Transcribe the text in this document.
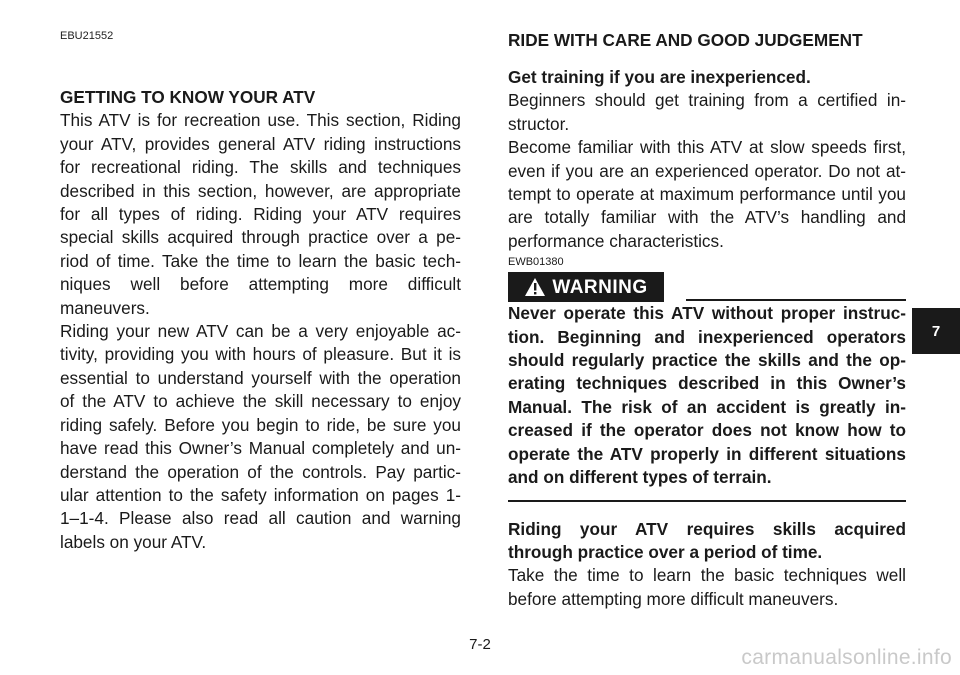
EBU21552

GETTING TO KNOW YOUR ATV

This ATV is for recreation use. This section, Riding your ATV, provides general ATV riding instructions for recreational riding. The skills and techniques described in this section, however, are appropriate for all types of riding. Riding your ATV requires special skills acquired through practice over a pe-riod of time. Take the time to learn the basic tech-niques well before attempting more difficult maneuvers.

Riding your new ATV can be a very enjoyable ac-tivity, providing you with hours of pleasure. But it is essential to understand yourself with the operation of the ATV to achieve the skill necessary to enjoy riding safely. Before you begin to ride, be sure you have read this Owner’s Manual completely and un-derstand the operation of the controls. Pay partic-ular attention to the safety information on pages 1-1–1-4. Please also read all caution and warning labels on your ATV.

RIDE WITH CARE AND GOOD JUDGEMENT

Get training if you are inexperienced.

Beginners should get training from a certified in-structor.

Become familiar with this ATV at slow speeds first, even if you are an experienced operator. Do not at-tempt to operate at maximum performance until you are totally familiar with the ATV’s handling and performance characteristics.

EWB01380
WARNING

Never operate this ATV without proper instruc-tion. Beginning and inexperienced operators should regularly practice the skills and the op-erating techniques described in this Owner’s Manual. The risk of an accident is greatly in-creased if the operator does not know how to operate the ATV properly in different situations and on different types of terrain.

Riding your ATV requires skills acquired through practice over a period of time.

Take the time to learn the basic techniques well before attempting more difficult maneuvers.

7
7-2
carmanualsonline.info
